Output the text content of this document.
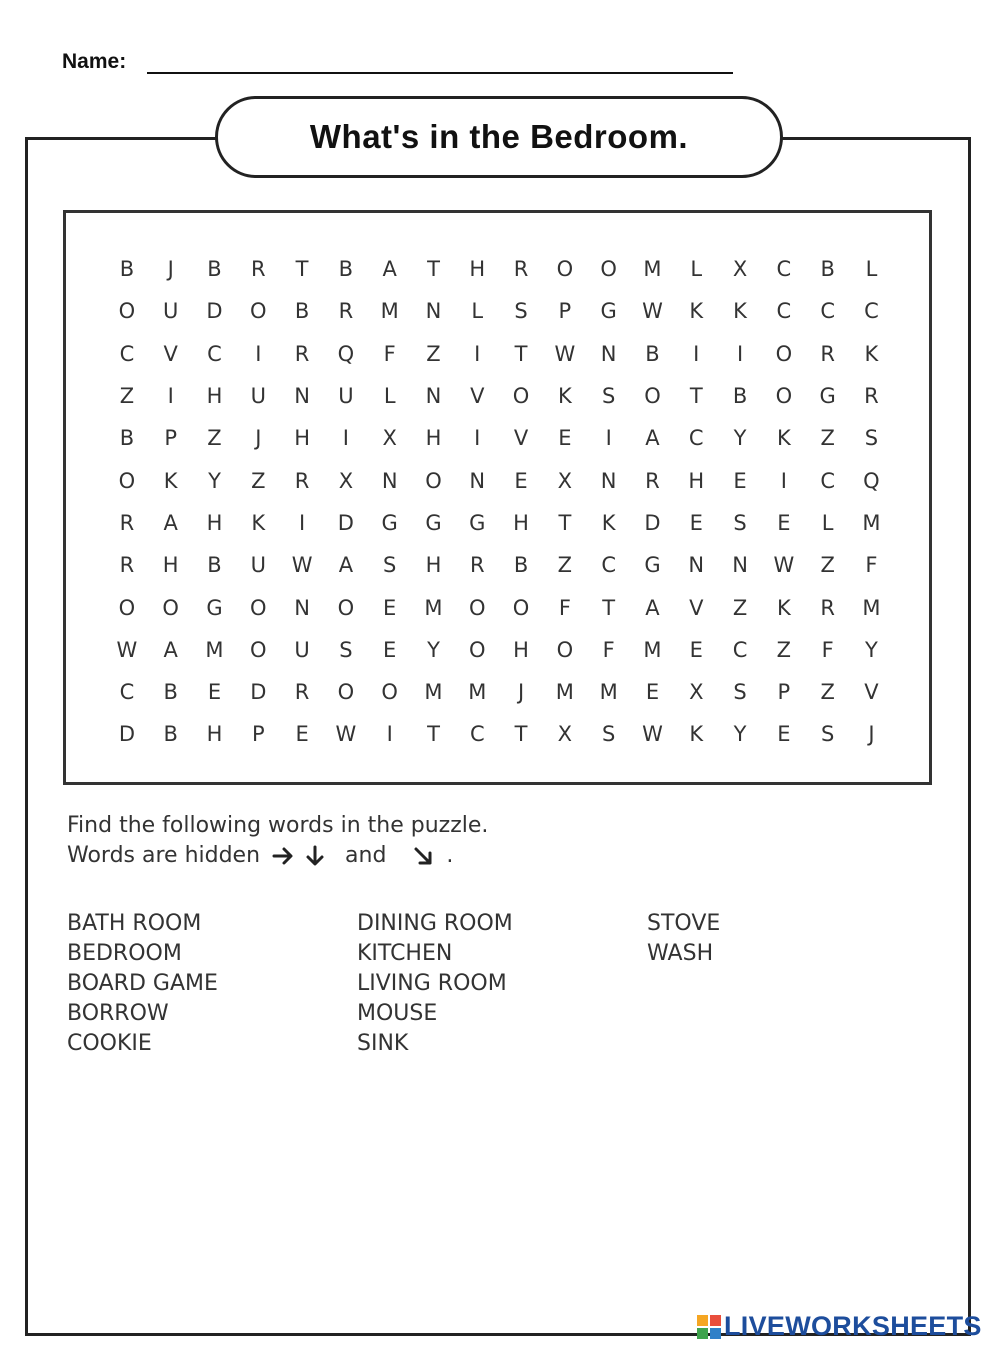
Name:
What's in the Bedroom.
B	J	B	R	T	B	A	T	H	R	O	O	M	L	X	C	B	L
O	U	D	O	B	R	M	N	L	S	P	G	W	K	K	C	C	C
C	V	C	I	R	Q	F	Z	I	T	W	N	B	I	I	O	R	K
Z	I	H	U	N	U	L	N	V	O	K	S	O	T	B	O	G	R
B	P	Z	J	H	I	X	H	I	V	E	I	A	C	Y	K	Z	S
O	K	Y	Z	R	X	N	O	N	E	X	N	R	H	E	I	C	Q
R	A	H	K	I	D	G	G	G	H	T	K	D	E	S	E	L	M
R	H	B	U	W	A	S	H	R	B	Z	C	G	N	N	W	Z	F
O	O	G	O	N	O	E	M	O	O	F	T	A	V	Z	K	R	M
W	A	M	O	U	S	E	Y	O	H	O	F	M	E	C	Z	F	Y
C	B	E	D	R	O	O	M	M	J	M	M	E	X	S	P	Z	V
D	B	H	P	E	W	I	T	C	T	X	S	W	K	Y	E	S	J
Find the following words in the puzzle.
Words are hidden

	and

	.
BATH ROOM
BEDROOM
BOARD GAME
BORROW
COOKIE
DINING ROOM
KITCHEN
LIVING ROOM
MOUSE
SINK
STOVE
WASH
LIVEWORKSHEETS
